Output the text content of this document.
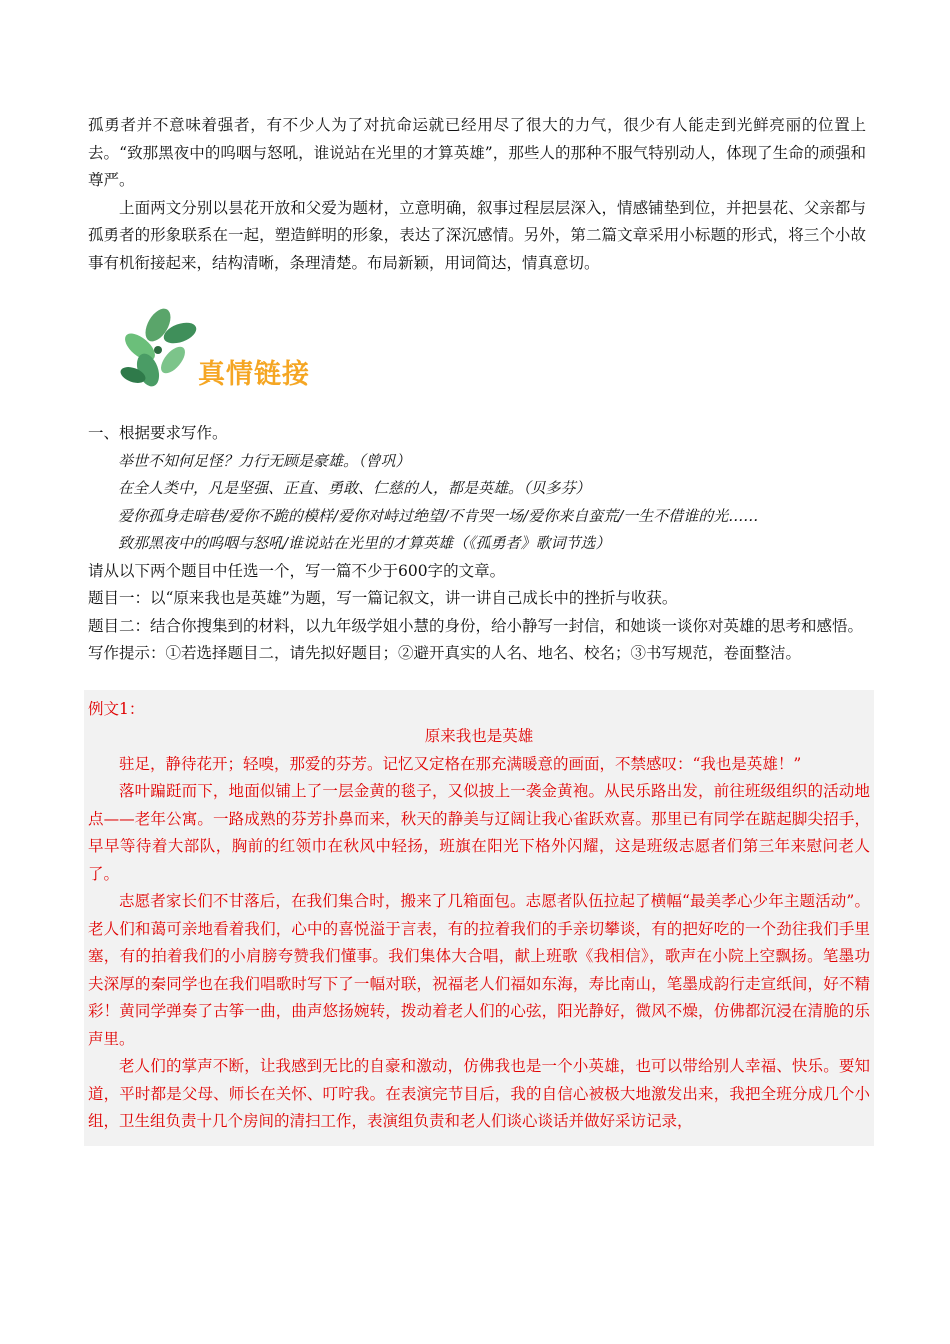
孤勇者并不意味着强者，有不少人为了对抗命运就已经用尽了很大的力气，很少有人能走到光鲜亮丽的位置上去。“致那黑夜中的呜咽与怒吼，谁说站在光里的才算英雄”，那些人的那种不服气特别动人，体现了生命的顽强和尊严。

上面两文分别以昙花开放和父爱为题材，立意明确，叙事过程层层深入，情感铺垫到位，并把昙花、父亲都与孤勇者的形象联系在一起，塑造鲜明的形象，表达了深沉感情。另外，第二篇文章采用小标题的形式，将三个小故事有机衔接起来，结构清晰，条理清楚。布局新颖，用词简达，情真意切。

真情链接

一、根据要求写作。

举世不知何足怪？力行无顾是豪雄。（曾巩）

在全人类中，凡是坚强、正直、勇敢、仁慈的人，都是英雄。（贝多芬）

爱你孤身走暗巷/爱你不跪的模样/爱你对峙过绝望/不肯哭一场/爱你来自蛮荒/一生不借谁的光……

致那黑夜中的呜咽与怒吼/谁说站在光里的才算英雄（《孤勇者》歌词节选）

请从以下两个题目中任选一个，写一篇不少于600字的文章。

题目一：以“原来我也是英雄”为题，写一篇记叙文，讲一讲自己成长中的挫折与收获。

题目二：结合你搜集到的材料，以九年级学姐小慧的身份，给小静写一封信，和她谈一谈你对英雄的思考和感悟。

写作提示：①若选择题目二，请先拟好题目；②避开真实的人名、地名、校名；③书写规范，卷面整洁。

例文1：

原来我也是英雄

驻足，静待花开；轻嗅，那爱的芬芳。记忆又定格在那充满暖意的画面，不禁感叹：“我也是英雄！”

落叶蹁跹而下，地面似铺上了一层金黄的毯子，又似披上一袭金黄袍。从民乐路出发，前往班级组织的活动地点——老年公寓。一路成熟的芬芳扑鼻而来，秋天的静美与辽阔让我心雀跃欢喜。那里已有同学在踮起脚尖招手，早早等待着大部队，胸前的红领巾在秋风中轻扬，班旗在阳光下格外闪耀，这是班级志愿者们第三年来慰问老人了。

志愿者家长们不甘落后，在我们集合时，搬来了几箱面包。志愿者队伍拉起了横幅“最美孝心少年主题活动”。老人们和蔼可亲地看着我们，心中的喜悦溢于言表，有的拉着我们的手亲切攀谈，有的把好吃的一个劲往我们手里塞，有的拍着我们的小肩膀夸赞我们懂事。我们集体大合唱，献上班歌《我相信》，歌声在小院上空飘扬。笔墨功夫深厚的秦同学也在我们唱歌时写下了一幅对联，祝福老人们福如东海，寿比南山，笔墨成韵行走宣纸间，好不精彩！黄同学弹奏了古筝一曲，曲声悠扬婉转，拨动着老人们的心弦，阳光静好，微风不燥，仿佛都沉浸在清脆的乐声里。

老人们的掌声不断，让我感到无比的自豪和激动，仿佛我也是一个小英雄，也可以带给别人幸福、快乐。要知道，平时都是父母、师长在关怀、叮咛我。在表演完节目后，我的自信心被极大地激发出来，我把全班分成几个小组，卫生组负责十几个房间的清扫工作，表演组负责和老人们谈心谈话并做好采访记录，
